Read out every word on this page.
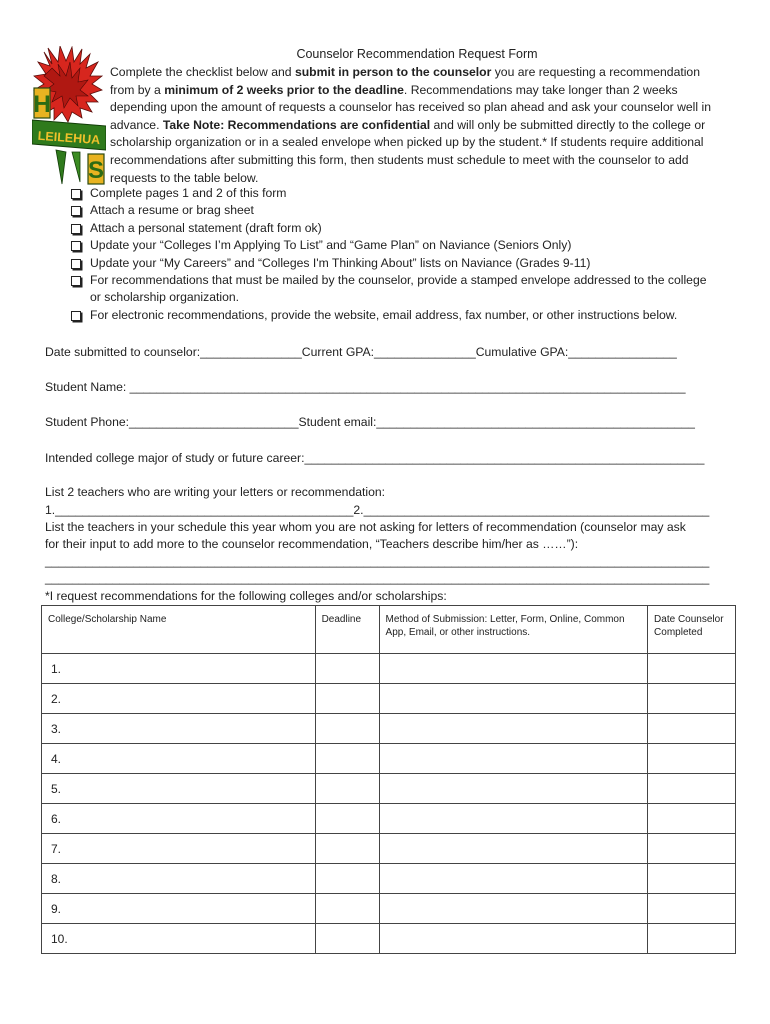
H
LEILEHUA
S
Counselor Recommendation Request Form
Complete the checklist below and submit in person to the counselor you are requesting a recommendation from by a minimum of 2 weeks prior to the deadline. Recommendations may take longer than 2 weeks depending upon the amount of requests a counselor has received so plan ahead and ask your counselor well in advance. Take Note: Recommendations are confidential and will only be submitted directly to the college or scholarship organization or in a sealed envelope when picked up by the student.* If students require additional recommendations after submitting this form, then students must schedule to meet with the counselor to add requests to the table below.
Complete pages 1 and 2 of this form
Attach a resume or brag sheet
Attach a personal statement (draft form ok)
Update your “Colleges I’m Applying To List” and “Game Plan” on Naviance (Seniors Only)
Update your “My Careers” and “Colleges I'm Thinking About” lists on Naviance (Grades 9-11)
For recommendations that must be mailed by the counselor, provide a stamped envelope addressed to the college or scholarship organization.
For electronic recommendations, provide the website, email address, fax number, or other instructions below.
Date submitted to counselor:_______________Current GPA:_______________Cumulative GPA:________________
Student Name: __________________________________________________________________________________
Student Phone:_________________________Student email:_______________________________________________
Intended college major of study or future career:___________________________________________________________
List 2 teachers who are writing your letters or recommendation:
1.____________________________________________2.___________________________________________________
List the teachers in your schedule this year whom you are not asking for letters of recommendation (counselor may ask
for their input to add more to the counselor recommendation, “Teachers describe him/her as ……”):
__________________________________________________________________________________________________
__________________________________________________________________________________________________
*I request recommendations for the following colleges and/or scholarships:
College/Scholarship Name	Deadline	Method of Submission: Letter, Form, Online, Common App, Email, or other instructions.	Date Counselor Completed
1.			
2.			
3.			
4.			
5.			
6.			
7.			
8.			
9.			
10.			
